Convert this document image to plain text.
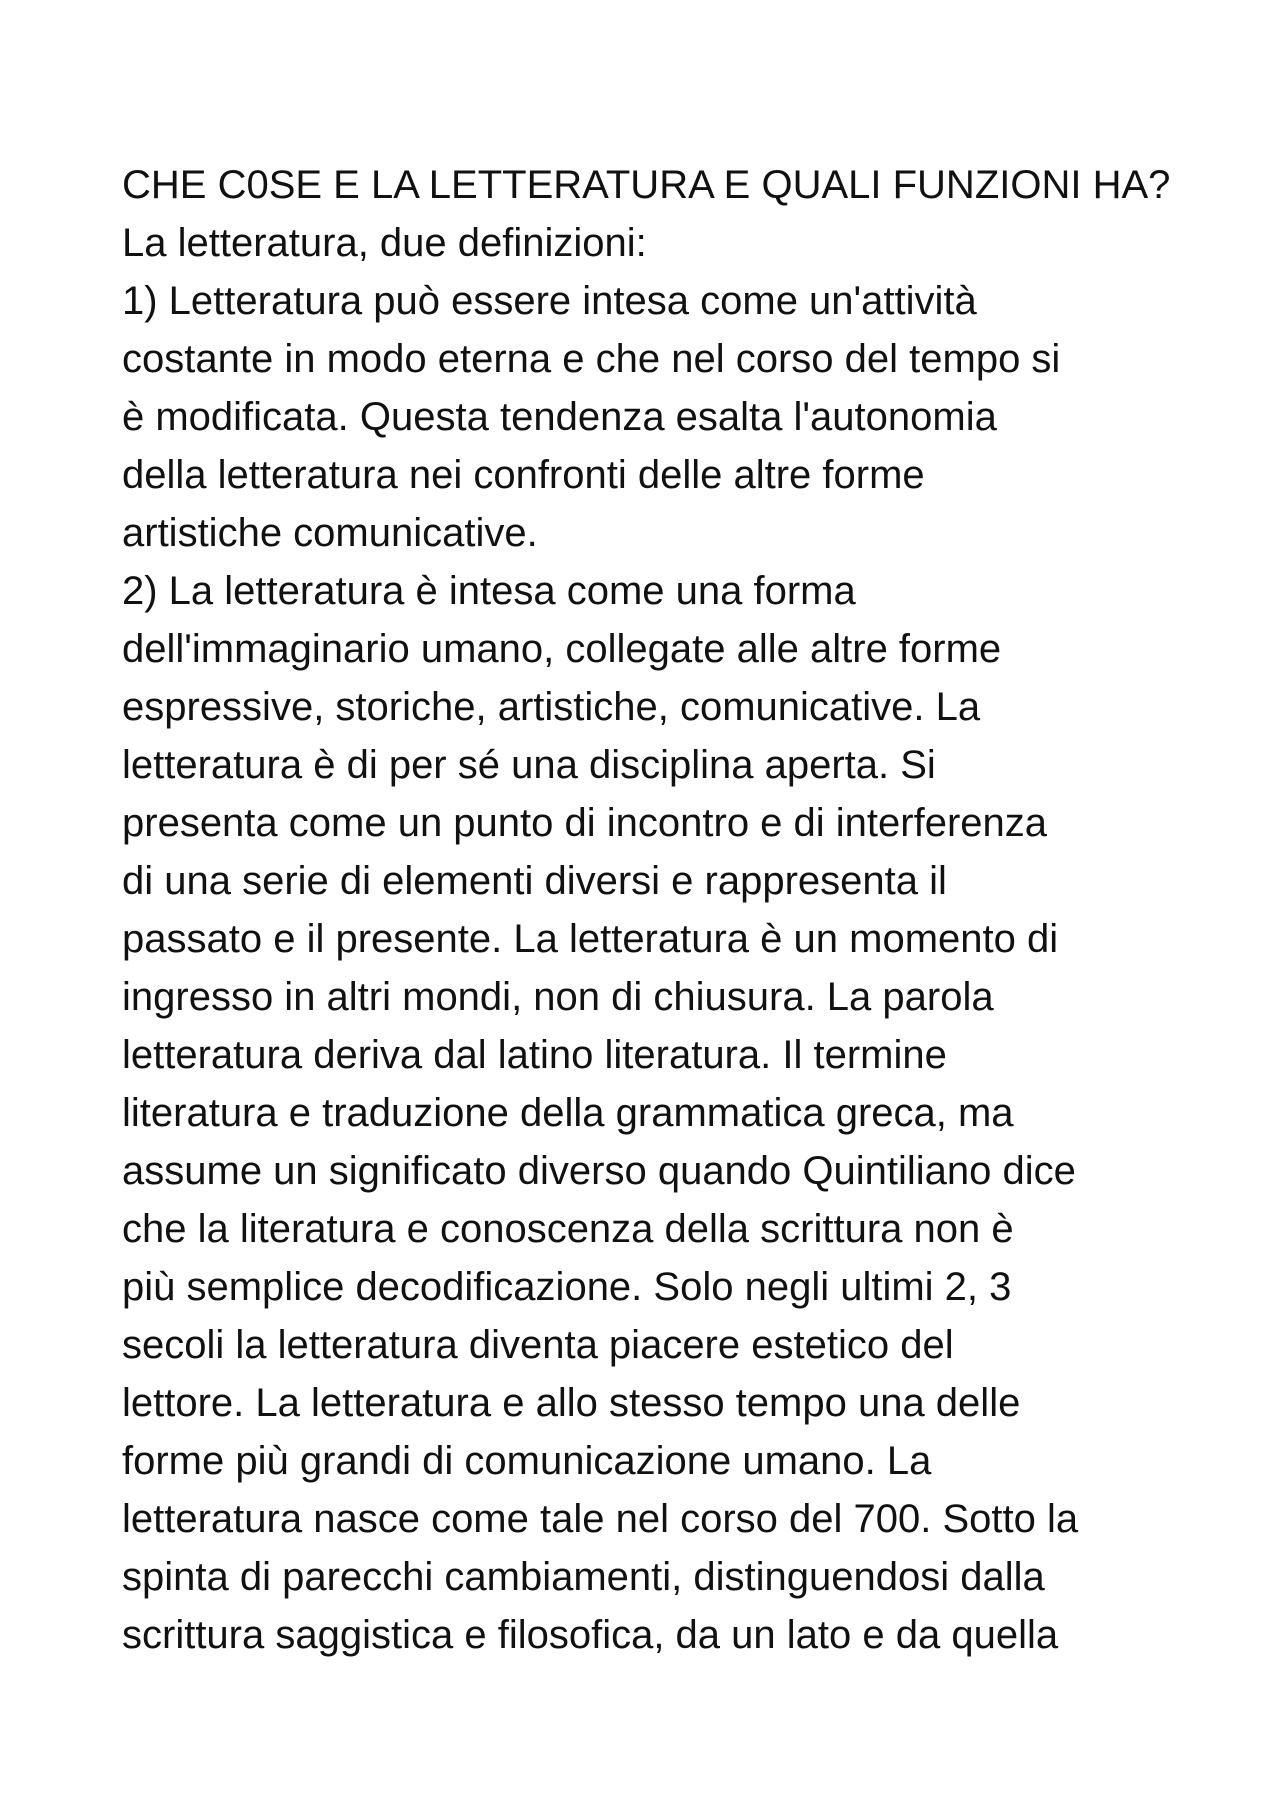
CHE C0SE E LA LETTERATURA E QUALI FUNZIONI HA?
La letteratura, due definizioni:
1) Letteratura può essere intesa come un'attività
costante in modo eterna e che nel corso del tempo si
è modificata. Questa tendenza esalta l'autonomia
della letteratura nei confronti delle altre forme
artistiche comunicative.
2) La letteratura è intesa come una forma
dell'immaginario umano, collegate alle altre forme
espressive, storiche, artistiche, comunicative. La
letteratura è di per sé una disciplina aperta. Si
presenta come un punto di incontro e di interferenza
di una serie di elementi diversi e rappresenta il
passato e il presente. La letteratura è un momento di
ingresso in altri mondi, non di chiusura. La parola
letteratura deriva dal latino literatura. Il termine
literatura e traduzione della grammatica greca, ma
assume un significato diverso quando Quintiliano dice
che la literatura e conoscenza della scrittura non è
più semplice decodificazione. Solo negli ultimi 2, 3
secoli la letteratura diventa piacere estetico del
lettore. La letteratura e allo stesso tempo una delle
forme più grandi di comunicazione umano. La
letteratura nasce come tale nel corso del 700. Sotto la
spinta di parecchi cambiamenti, distinguendosi dalla
scrittura saggistica e filosofica, da un lato e da quella
